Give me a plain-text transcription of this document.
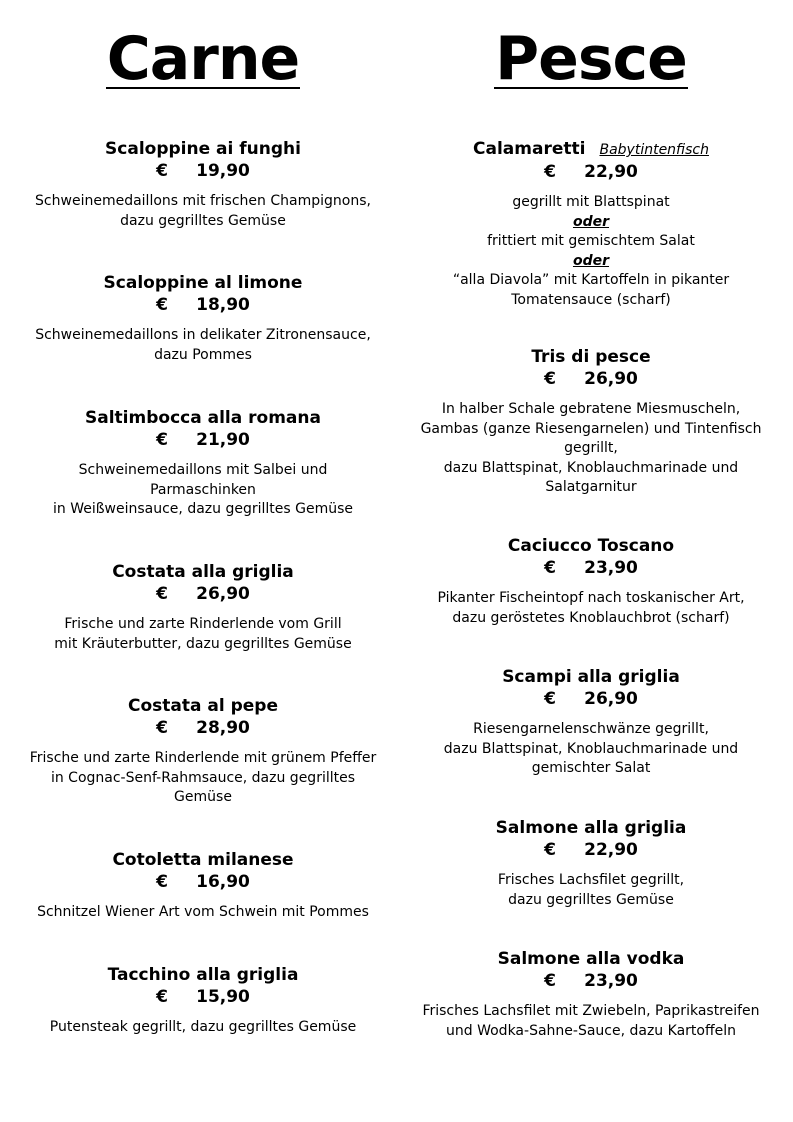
Carne
Scaloppine ai funghi
€ 19,90
Schweinemedaillons mit frischen Champignons,
dazu gegrilltes Gemüse
Scaloppine al limone
€ 18,90
Schweinemedaillons in delikater Zitronensauce,
dazu Pommes
Saltimbocca alla romana
€ 21,90
Schweinemedaillons mit Salbei und
Parmaschinken
in Weißweinsauce, dazu gegrilltes Gemüse
Costata alla griglia
€ 26,90
Frische und zarte Rinderlende vom Grill
mit Kräuterbutter, dazu gegrilltes Gemüse
Costata al pepe
€ 28,90
Frische und zarte Rinderlende mit grünem Pfeffer
in Cognac-Senf-Rahmsauce, dazu gegrilltes
Gemüse
Cotoletta milanese
€ 16,90
Schnitzel Wiener Art vom Schwein mit Pommes
Tacchino alla griglia
€ 15,90
Putensteak gegrillt, dazu gegrilltes Gemüse
Pesce
Calamaretti Babytintenfisch
€ 22,90
gegrillt mit Blattspinat
oder
frittiert mit gemischtem Salat
oder
“alla Diavola” mit Kartoffeln in pikanter
Tomatensauce (scharf)
Tris di pesce
€ 26,90
In halber Schale gebratene Miesmuscheln,
Gambas (ganze Riesengarnelen) und Tintenfisch
gegrillt,
dazu Blattspinat, Knoblauchmarinade und
Salatgarnitur
Caciucco Toscano
€ 23,90
Pikanter Fischeintopf nach toskanischer Art,
dazu geröstetes Knoblauchbrot (scharf)
Scampi alla griglia
€ 26,90
Riesengarnelenschwänze gegrillt,
dazu Blattspinat, Knoblauchmarinade und
gemischter Salat
Salmone alla griglia
€ 22,90
Frisches Lachsfilet gegrillt,
dazu gegrilltes Gemüse
Salmone alla vodka
€ 23,90
Frisches Lachsfilet mit Zwiebeln, Paprikastreifen
und Wodka-Sahne-Sauce, dazu Kartoffeln
